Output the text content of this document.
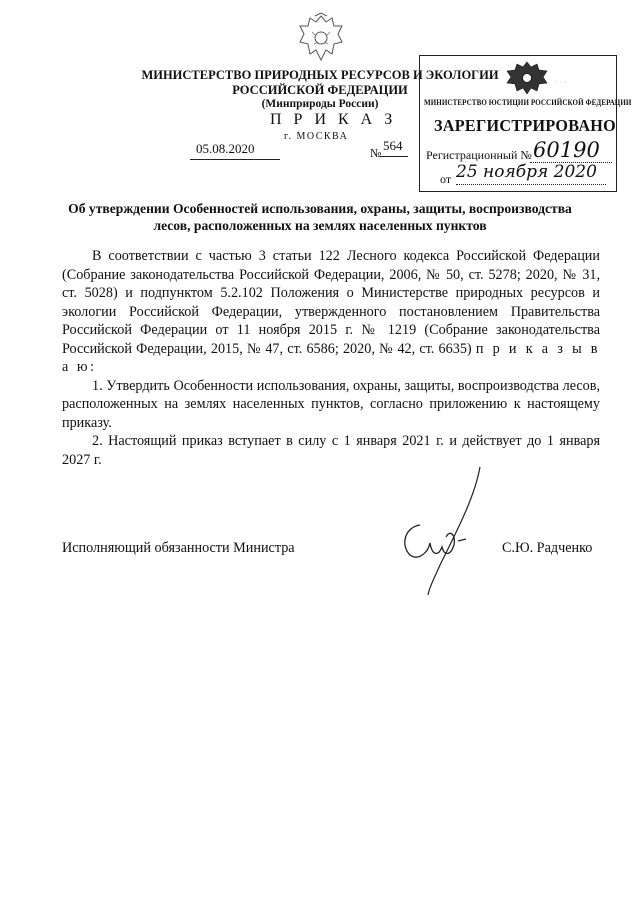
МИНИСТЕРСТВО ПРИРОДНЫХ РЕСУРСОВ И ЭКОЛОГИИ
РОССИЙСКОЙ ФЕДЕРАЦИИ
(Минприроды России)
П Р И К А З
г. МОСКВА
05.08.2020	№ 564
· · ·
МИНИСТЕРСТВО ЮСТИЦИИ РОССИЙСКОЙ ФЕДЕРАЦИИ
ЗАРЕГИСТРИРОВАНО
Регистрационный № 60190
от 25 ноября 2020
Об утверждении Особенностей использования, охраны, защиты, воспроизводства лесов, расположенных на землях населенных пунктов

В соответствии с частью 3 статьи 122 Лесного кодекса Российской Федерации (Собрание законодательства Российской Федерации, 2006, № 50, ст. 5278; 2020, № 31, ст. 5028) и подпунктом 5.2.102 Положения о Министерстве природных ресурсов и экологии Российской Федерации, утвержденного постановлением Правительства Российской Федерации от 11 ноября 2015 г. № 1219 (Собрание законодательства Российской Федерации, 2015, № 47, ст. 6586; 2020, № 42, ст. 6635) п р и к а з ы в а ю:

1. Утвердить Особенности использования, охраны, защиты, воспроизводства лесов, расположенных на землях населенных пунктов, согласно приложению к настоящему приказу.

2. Настоящий приказ вступает в силу с 1 января 2021 г. и действует до 1 января 2027 г.

Исполняющий обязанности Министра	С.Ю. Радченко
